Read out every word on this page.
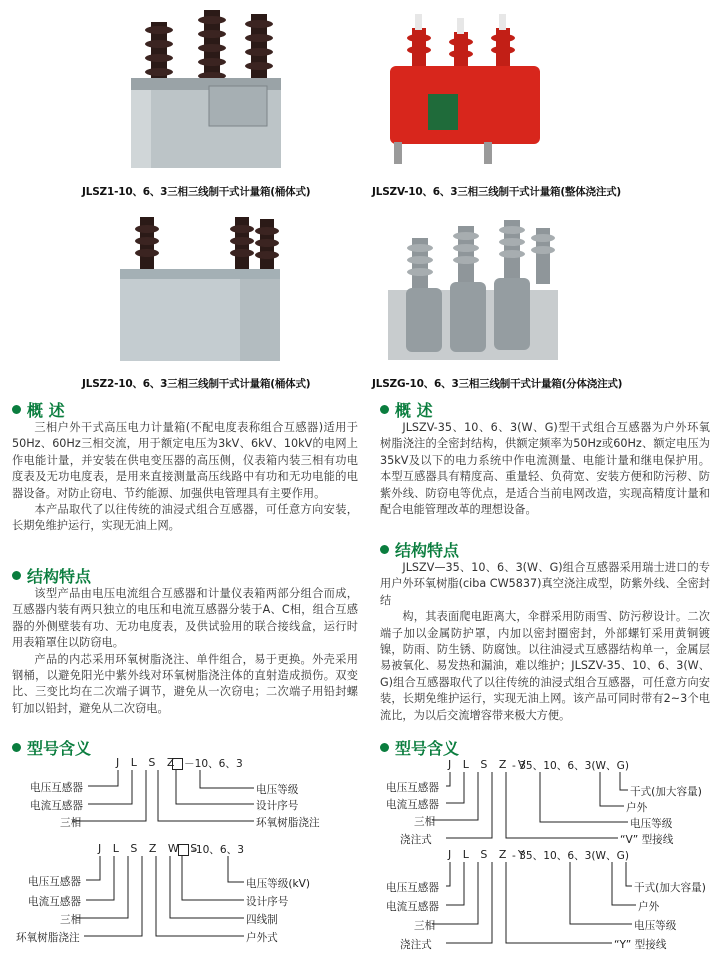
JLSZ1-10、6、3三相三线制干式计量箱(桶体式)	JLSZV-10、6、3三相三线制干式计量箱(整体浇注式)
JLSZ2-10、6、3三相三线制干式计量箱(桶体式)	JLSZG-10、6、3三相三线制干式计量箱(分体浇注式)
概 述

三相户外干式高压电力计量箱(不配电度表称组合互感器)适用于50Hz、60Hz三相交流，用于额定电压为3kV、6kV、10kV的电网上作电能计量，并安装在供电变压器的高压侧，仪表箱内装三相有功电度表及无功电度表，是用来直接测量高压线路中有功和无功电能的电器设备。对防止窃电、节约能源、加强供电管理具有主要作用。

本产品取代了以往传统的油浸式组合互感器，可任意方向安装，长期免维护运行，实现无油上网。

结构特点

该型产品由电压电流组合互感器和计量仪表箱两部分组合而成，互感器内装有两只独立的电压和电流互感器分装于A、C相，组合互感器的外侧壁装有功、无功电度表，及供试验用的联合接线盒，运行时用表箱罩住以防窃电。

产品的内芯采用环氧树脂浇注、单件组合，易于更换。外壳采用钢桶，以避免阳光中紫外线对环氧树脂浇注体的直射造成损伤。双变比、三变比均在二次端子调节，避免从一次窃电；二次端子用铅封螺钉加以铅封，避免从二次窃电。

型号含义
J L S Z －10、6、3
电压互感器
电流互感器
三相
电压等级
设计序号
环氧树脂浇注
J L S Z W S
-10、6、3
电压互感器
电流互感器
三相
环氧树脂浇注
电压等级(kV)
设计序号
四线制
户外式
概 述

JLSZV-35、10、6、3(W、G)型干式组合互感器为户外环氧树脂浇注的全密封结构，供额定频率为50Hz或60Hz、额定电压为35kV及以下的电力系统中作电流测量、电能计量和继电保护用。本型互感器具有精度高、重量轻、负荷宽、安装方便和防污秽、防紫外线、防窃电等优点，是适合当前电网改造，实现高精度计量和配合电能管理改革的理想设备。

结构特点

JLSZV—35、10、6、3(W、G)组合互感器采用瑞士进口的专用户外环氧树脂(ciba CW5837)真空浇注成型，防紫外线、全密封结

构，其表面爬电距离大，伞群采用防雨雪、防污秽设计。二次端子加以金属防护罩，内加以密封圈密封，外部螺钉采用黄铜镀镍，防雨、防生锈、防腐蚀。以往油浸式互感器结构单一，金属层易被氧化、易发热和漏油，难以维护；JLSZV-35、10、6、3(W、G)组合互感器取代了以往传统的油浸式组合互感器，可任意方向安装，长期免维护运行，实现无油上网。该产品可同时带有2~3个电流比，为以后交流增容带来极大方便。

型号含义
J L S Z V
- 35、10、6、3(W、G)
电压互感器
电流互感器
三相
浇注式
干式(加大容量)
户外
电压等级
“V” 型接线
J L S Z Y
- 35、10、6、3(W、G)
电压互感器
电流互感器
三相
浇注式
干式(加大容量)
户外
电压等级
“Y” 型接线
